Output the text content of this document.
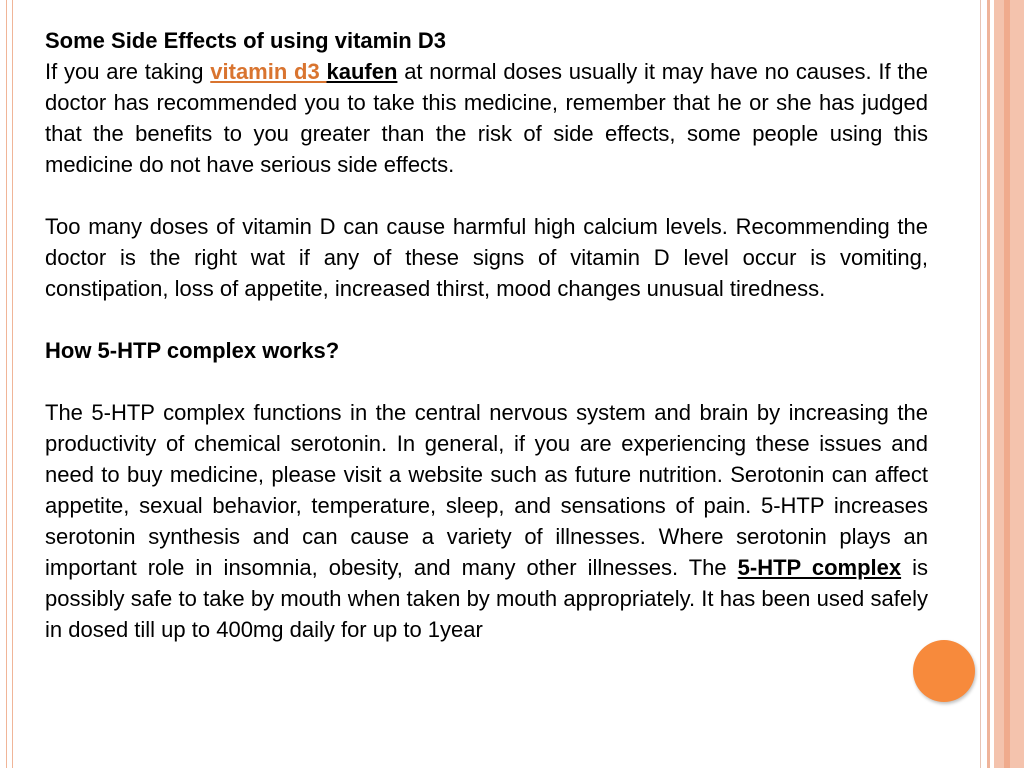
Some Side Effects of using vitamin D3

If you are taking vitamin d3 kaufen at normal doses usually it may have no causes. If the doctor has recommended you to take this medicine, remember that he or she has judged that the benefits to you greater than the risk of side effects, some people using this medicine do not have serious side effects.

Too many doses of vitamin D can cause harmful high calcium levels. Recommending the doctor is the right wat if any of these signs of vitamin D level occur is vomiting, constipation, loss of appetite, increased thirst, mood changes unusual tiredness.

How 5-HTP complex works?

The 5-HTP complex functions in the central nervous system and brain by increasing the productivity of chemical serotonin. In general, if you are experiencing these issues and need to buy medicine, please visit a website such as future nutrition. Serotonin can affect appetite, sexual behavior, temperature, sleep, and sensations of pain. 5-HTP increases serotonin synthesis and can cause a variety of illnesses. Where serotonin plays an important role in insomnia, obesity, and many other illnesses. The 5-HTP complex is possibly safe to take by mouth when taken by mouth appropriately. It has been used safely in dosed till up to 400mg daily for up to 1year
